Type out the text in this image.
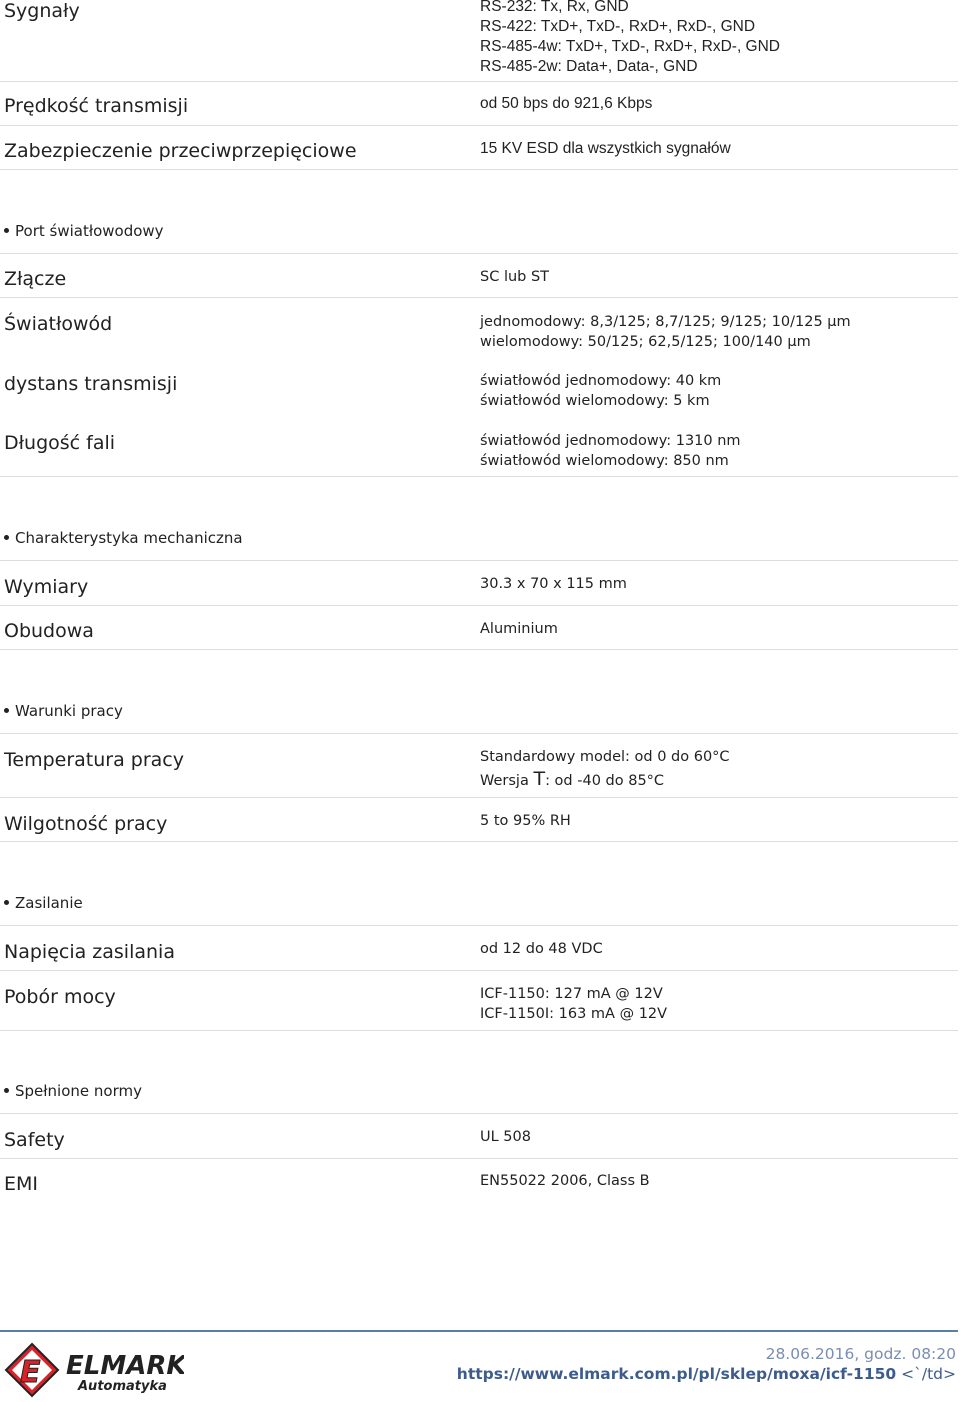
Sygnały	RS-232: Tx, Rx, GND
RS-422: TxD+, TxD-, RxD+, RxD-, GND
RS-485-4w: TxD+, TxD-, RxD+, RxD-, GND
RS-485-2w: Data+, Data-, GND
Prędkość transmisji	od 50 bps do 921,6 Kbps
Zabezpieczenie przeciwprzepięciowe	15 KV ESD dla wszystkich sygnałów
Port światłowodowy
Złącze	SC lub ST
Światłowód	jednomodowy: 8,3/125; 8,7/125; 9/125; 10/125 µm
wielomodowy: 50/125; 62,5/125; 100/140 µm
dystans transmisji	światłowód jednomodowy: 40 km
światłowód wielomodowy: 5 km
Długość fali	światłowód jednomodowy: 1310 nm
światłowód wielomodowy: 850 nm
Charakterystyka mechaniczna
Wymiary	30.3 x 70 x 115 mm
Obudowa	Aluminium
Warunki pracy
Temperatura pracy	Standardowy model: od 0 do 60°C
Wersja T: od -40 do 85°C
Wilgotność pracy	5 to 95% RH
Zasilanie
Napięcia zasilania	od 12 do 48 VDC
Pobór mocy	ICF-1150: 127 mA @ 12V
ICF-1150I: 163 mA @ 12V
Spełnione normy
Safety	UL 508
EMI	EN55022 2006, Class B
E ELMARK
Automatyka
28.06.2016, godz. 08:20
https://www.elmark.com.pl/pl/sklep/moxa/icf-1150 <`/td>
